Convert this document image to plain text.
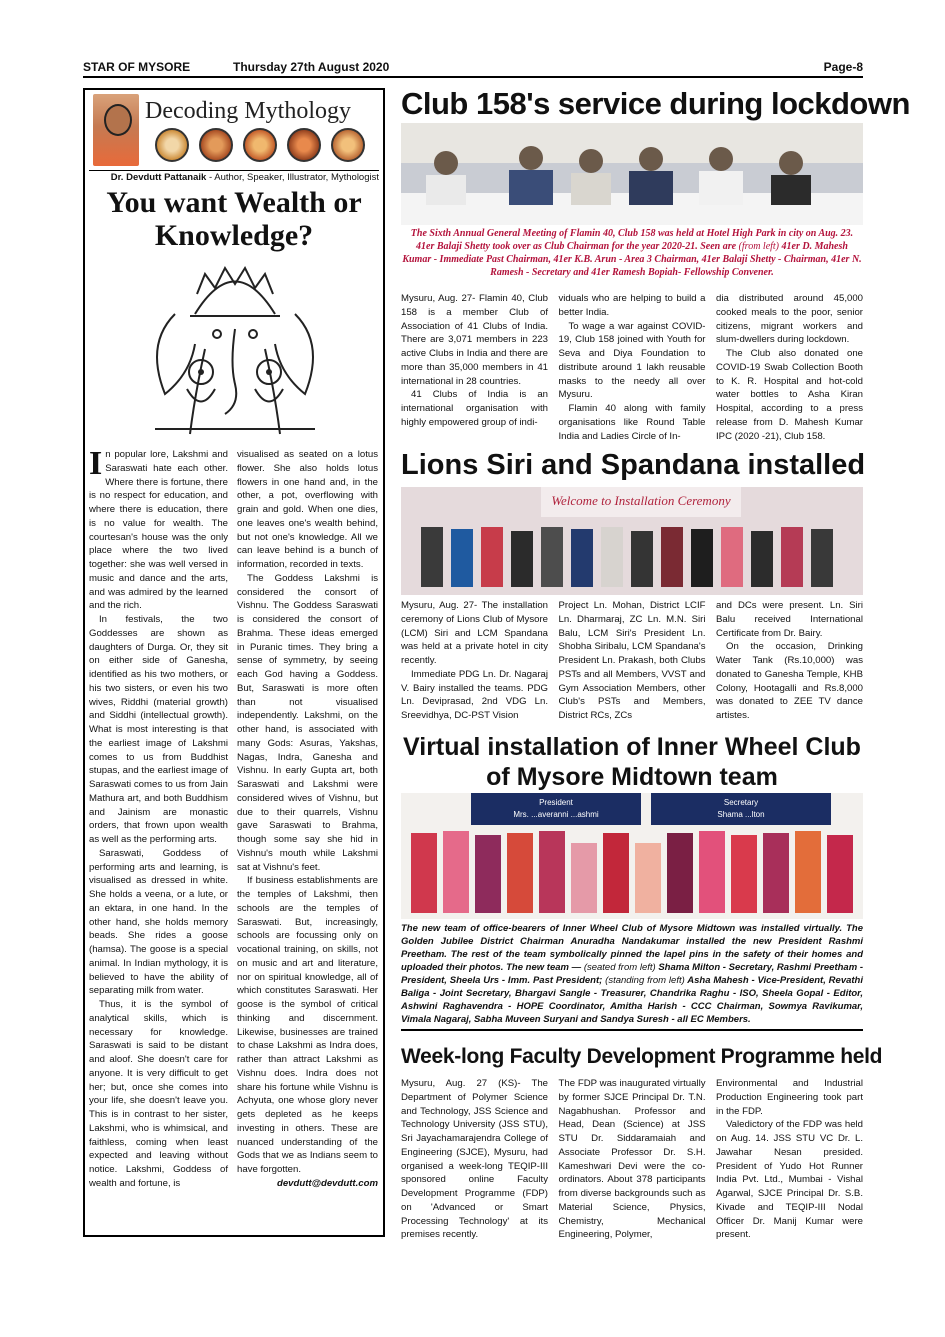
STAR OF MYSORE	Thursday 27th August 2020	Page-8
Decoding Mythology
Dr. Devdutt Pattanaik - Author, Speaker, Illustrator, Mythologist
You want Wealth or Knowledge?

In popular lore, Lakshmi and Saraswati hate each other. Where there is fortune, there is no respect for education, and where there is education, there is no value for wealth. The courtesan's house was the only place where the two lived together: she was well versed in music and dance and the arts, and was admired by the learned and the rich.

In festivals, the two Goddesses are shown as daughters of Durga. Or, they sit on either side of Ganesha, identified as his two mothers, or his two sisters, or even his two wives, Riddhi (material growth) and Siddhi (intellectual growth). What is most interesting is that the earliest image of Lakshmi comes to us from Buddhist stupas, and the earliest image of Saraswati comes to us from Jain Mathura art, and both Buddhism and Jainism are monastic orders, that frown upon wealth as well as the performing arts.

Saraswati, Goddess of performing arts and learning, is visualised as dressed in white. She holds a veena, or a lute, or an ektara, in one hand. In the other hand, she holds memory beads. She rides a goose (hamsa). The goose is a special animal. In Indian mythology, it is believed to have the ability of separating milk from water.

Thus, it is the symbol of analytical skills, which is necessary for knowledge. Saraswati is said to be distant and aloof. She doesn't care for anyone. It is very difficult to get her; but, once she comes into your life, she doesn't leave you. This is in contrast to her sister, Lakshmi, who is whimsical, and faithless, coming when least expected and leaving without notice. Lakshmi, Goddess of wealth and fortune, is

visualised as seated on a lotus flower. She also holds lotus flowers in one hand and, in the other, a pot, overflowing with grain and gold. When one dies, one leaves one's wealth behind, but not one's knowledge. All we can leave behind is a bunch of information, recorded in texts.

The Goddess Lakshmi is considered the consort of Vishnu. The Goddess Saraswati is considered the consort of Brahma. These ideas emerged in Puranic times. They bring a sense of symmetry, by seeing each God having a Goddess. But, Saraswati is more often than not visualised independently. Lakshmi, on the other hand, is associated with many Gods: Asuras, Yakshas, Nagas, Indra, Ganesha and Vishnu. In early Gupta art, both Saraswati and Lakshmi were considered wives of Vishnu, but due to their quarrels, Vishnu gave Saraswati to Brahma, though some say she hid in Vishnu's mouth while Lakshmi sat at Vishnu's feet.

If business establishments are the temples of Lakshmi, then schools are the temples of Saraswati. But, increasingly, schools are focussing only on vocational training, on skills, not on music and art and literature, nor on spiritual knowledge, all of which constitutes Saraswati. Her goose is the symbol of critical thinking and discernment. Likewise, businesses are trained to chase Lakshmi as Indra does, rather than attract Lakshmi as Vishnu does. Indra does not share his fortune while Vishnu is Achyuta, one whose glory never gets depleted as he keeps investing in others. These are nuanced understanding of the Gods that we as Indians seem to have forgotten.

devdutt@devdutt.com

Club 158's service during lockdown
The Sixth Annual General Meeting of Flamin 40, Club 158 was held at Hotel High Park in city on Aug. 23. 41er Balaji Shetty took over as Club Chairman for the year 2020-21. Seen are (from left) 41er D. Mahesh Kumar - Immediate Past Chairman, 41er K.B. Arun - Area 3 Chairman, 41er Balaji Shetty - Chairman, 41er N. Ramesh - Secretary and 41er Ramesh Bopiah- Fellowship Convener.

Mysuru, Aug. 27- Flamin 40, Club 158 is a member Club of Association of 41 Clubs of India. There are 3,071 members in 223 active Clubs in India and there are more than 35,000 members in 41 international in 28 countries.

41 Clubs of India is an international organisation with highly empowered group of indi-

viduals who are helping to build a better India.

To wage a war against COVID-19, Club 158 joined with Youth for Seva and Diya Foundation to distribute around 1 lakh reusable masks to the needy all over Mysuru.

Flamin 40 along with family organisations like Round Table India and Ladies Circle of In-

dia distributed around 45,000 cooked meals to the poor, senior citizens, migrant workers and slum-dwellers during lockdown.

The Club also donated one COVID-19 Swab Collection Booth to K. R. Hospital and hot-cold water bottles to Asha Kiran Hospital, according to a press release from D. Mahesh Kumar IPC (2020 -21), Club 158.

Lions Siri and Spandana installed
Welcome to Installation Ceremony

Mysuru, Aug. 27- The installation ceremony of Lions Club of Mysore (LCM) Siri and LCM Spandana was held at a private hotel in city recently.

Immediate PDG Ln. Dr. Nagaraj V. Bairy installed the teams. PDG Ln. Deviprasad, 2nd VDG Ln. Sreevidhya, DC-PST Vision

Project Ln. Mohan, District LCIF Ln. Dharmaraj, ZC Ln. M.N. Siri Balu, LCM Siri's President Ln. Shobha Siribalu, LCM Spandana's President Ln. Prakash, both Clubs PSTs and all Members, VVST and Gym Association Members, other Club's PSTs and Members, District RCs, ZCs

and DCs were present. Ln. Siri Balu received International Certificate from Dr. Bairy.

On the occasion, Drinking Water Tank (Rs.10,000) was donated to Ganesha Temple, KHB Colony, Hootagalli and Rs.8,000 was donated to ZEE TV dance artistes.

Virtual installation of Inner Wheel Club of Mysore Midtown team
President
Mrs. ...averanni ...ashmi
Secretary
Shama ...lton
The new team of office-bearers of Inner Wheel Club of Mysore Midtown was installed virtually. The Golden Jubilee District Chairman Anuradha Nandakumar installed the new President Rashmi Preetham. The rest of the team symbolically pinned the lapel pins in the safety of their homes and uploaded their photos. The new team — (seated from left) Shama Milton - Secretary, Rashmi Preetham - President, Sheela Urs - Imm. Past President; (standing from left) Asha Mahesh - Vice-President, Revathi Baliga - Joint Secretary, Bhargavi Sangle - Treasurer, Chandrika Raghu - ISO, Sheela Gopal - Editor, Ashwini Raghavendra - HOPE Coordinator, Amitha Harish - CCC Chairman, Sowmya Ravikumar, Vimala Nagaraj, Sabha Muveen Suryani and Sandya Suresh - all EC Members.
Week-long Faculty Development Programme held

Mysuru, Aug. 27 (KS)- The Department of Polymer Science and Technology, JSS Science and Technology University (JSS STU), Sri Jayachamarajendra College of Engineering (SJCE), Mysuru, had organised a week-long TEQIP-III sponsored online Faculty Development Programme (FDP) on 'Advanced or Smart Processing Technology' at its premises recently.

The FDP was inaugurated virtually by former SJCE Principal Dr. T.N. Nagabhushan. Professor and Head, Dean (Science) at JSS STU Dr. Siddaramaiah and Associate Professor Dr. S.H. Kameshwari Devi were the co-ordinators. About 378 participants from diverse backgrounds such as Material Science, Physics, Chemistry, Mechanical Engineering, Polymer,

Environmental and Industrial Production Engineering took part in the FDP.

Valedictory of the FDP was held on Aug. 14. JSS STU VC Dr. L. Jawahar Nesan presided. President of Yudo Hot Runner India Pvt. Ltd., Mumbai - Vishal Agarwal, SJCE Principal Dr. S.B. Kivade and TEQIP-III Nodal Officer Dr. Manij Kumar were present.
